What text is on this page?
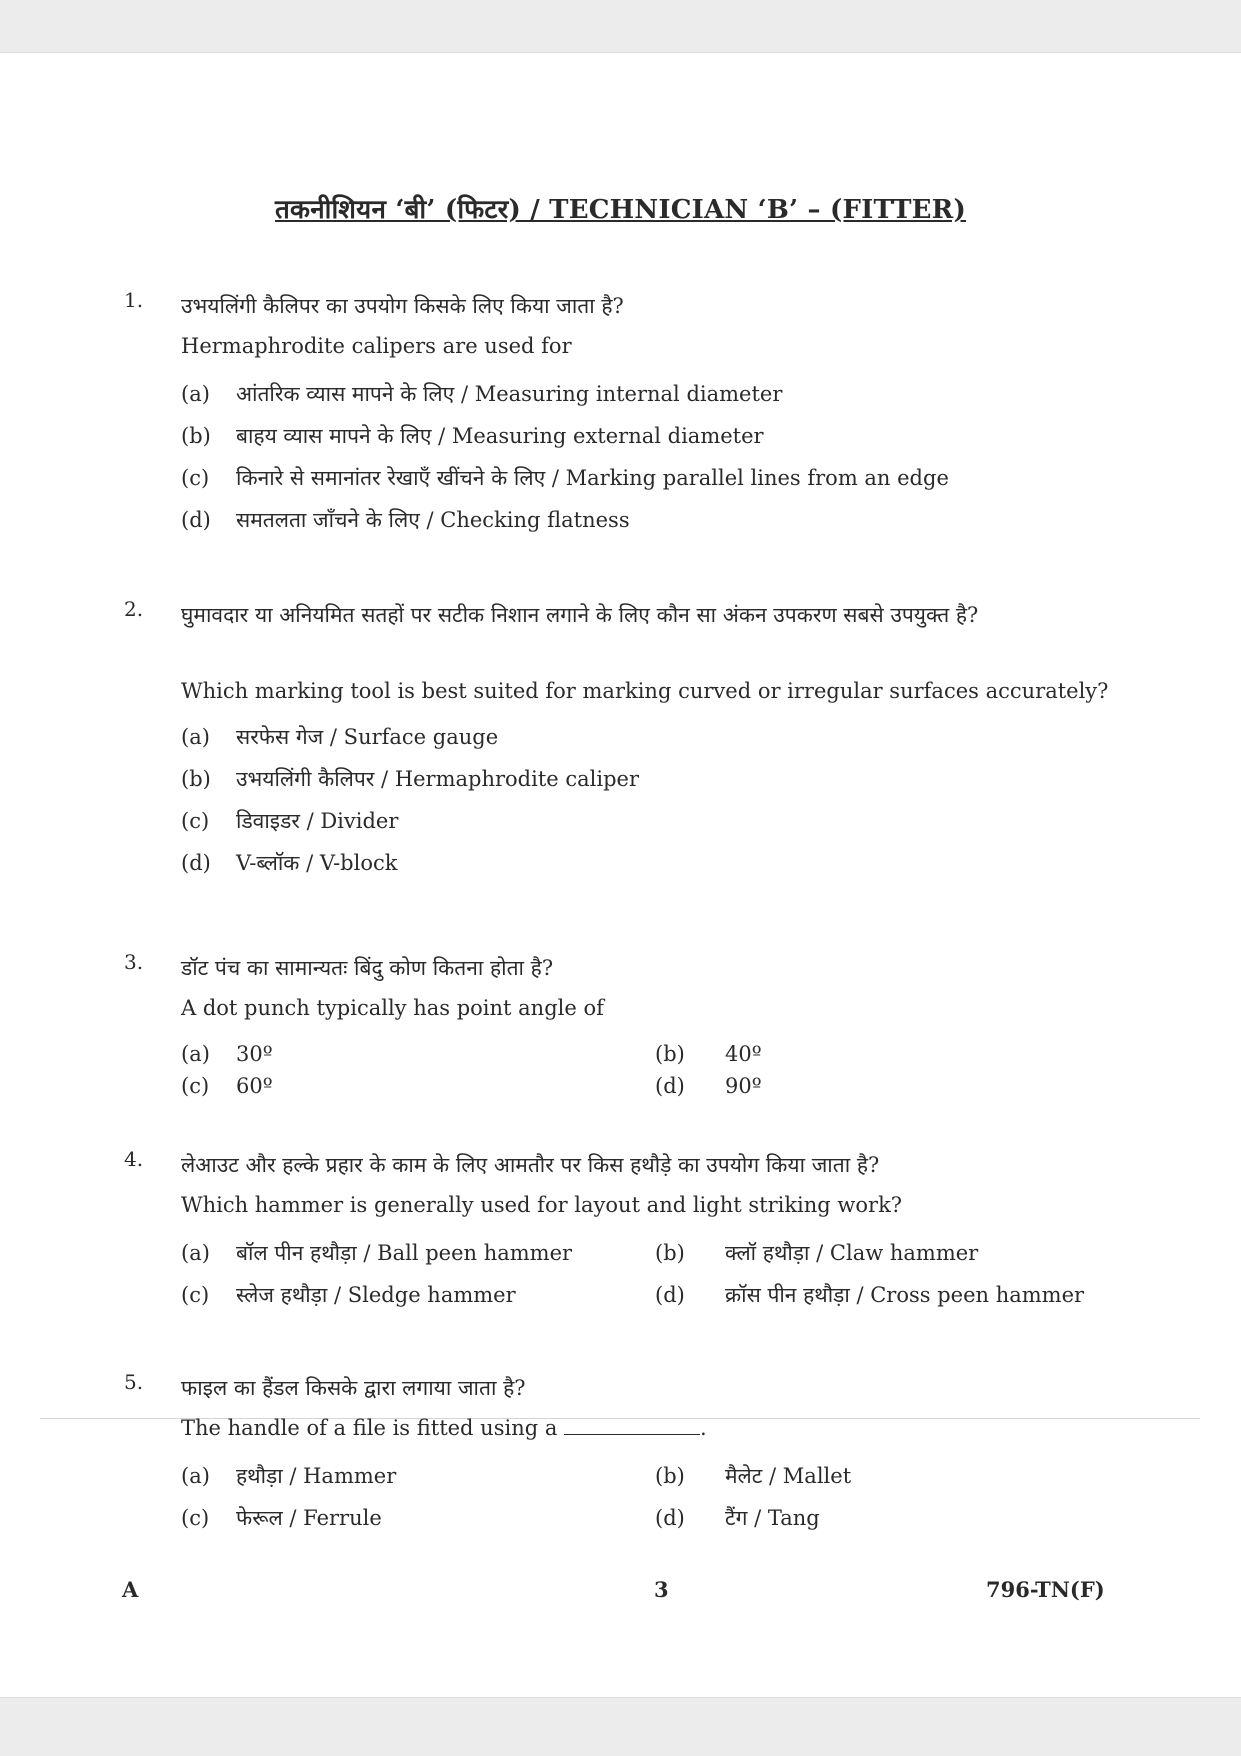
तकनीशियन ‘बी’ (फिटर) / TECHNICIAN ‘B’ – (FITTER)
1. उभयलिंगी कैलिपर का उपयोग किसके लिए किया जाता है?
Hermaphrodite calipers are used for
(a) आंतरिक व्यास मापने के लिए / Measuring internal diameter
(b) बाहय व्यास मापने के लिए / Measuring external diameter
(c) किनारे से समानांतर रेखाएँ खींचने के लिए / Marking parallel lines from an edge
(d) समतलता जाँचने के लिए / Checking flatness
2. घुमावदार या अनियमित सतहों पर सटीक निशान लगाने के लिए कौन सा अंकन उपकरण सबसे उपयुक्त है?
Which marking tool is best suited for marking curved or irregular surfaces accurately?
(a) सरफेस गेज / Surface gauge
(b) उभयलिंगी कैलिपर / Hermaphrodite caliper
(c) डिवाइडर / Divider
(d) V-ब्लॉक / V-block
3. डॉट पंच का सामान्यतः बिंदु कोण कितना होता है?
A dot punch typically has point angle of
(a) 30º	(b) 40º
(c) 60º	(d) 90º
4. लेआउट और हल्के प्रहार के काम के लिए आमतौर पर किस हथौड़े का उपयोग किया जाता है?
Which hammer is generally used for layout and light striking work?
(a) बॉल पीन हथौड़ा / Ball peen hammer	(b) क्लॉ हथौड़ा / Claw hammer
(c) स्लेज हथौड़ा / Sledge hammer	(d) क्रॉस पीन हथौड़ा / Cross peen hammer
5. फाइल का हैंडल किसके द्वारा लगाया जाता है?
The handle of a file is fitted using a	.
(a) हथौड़ा / Hammer	(b) मैलेट / Mallet
(c) फेरूल / Ferrule	(d) टैंग / Tang
A	3	796-TN(F)
